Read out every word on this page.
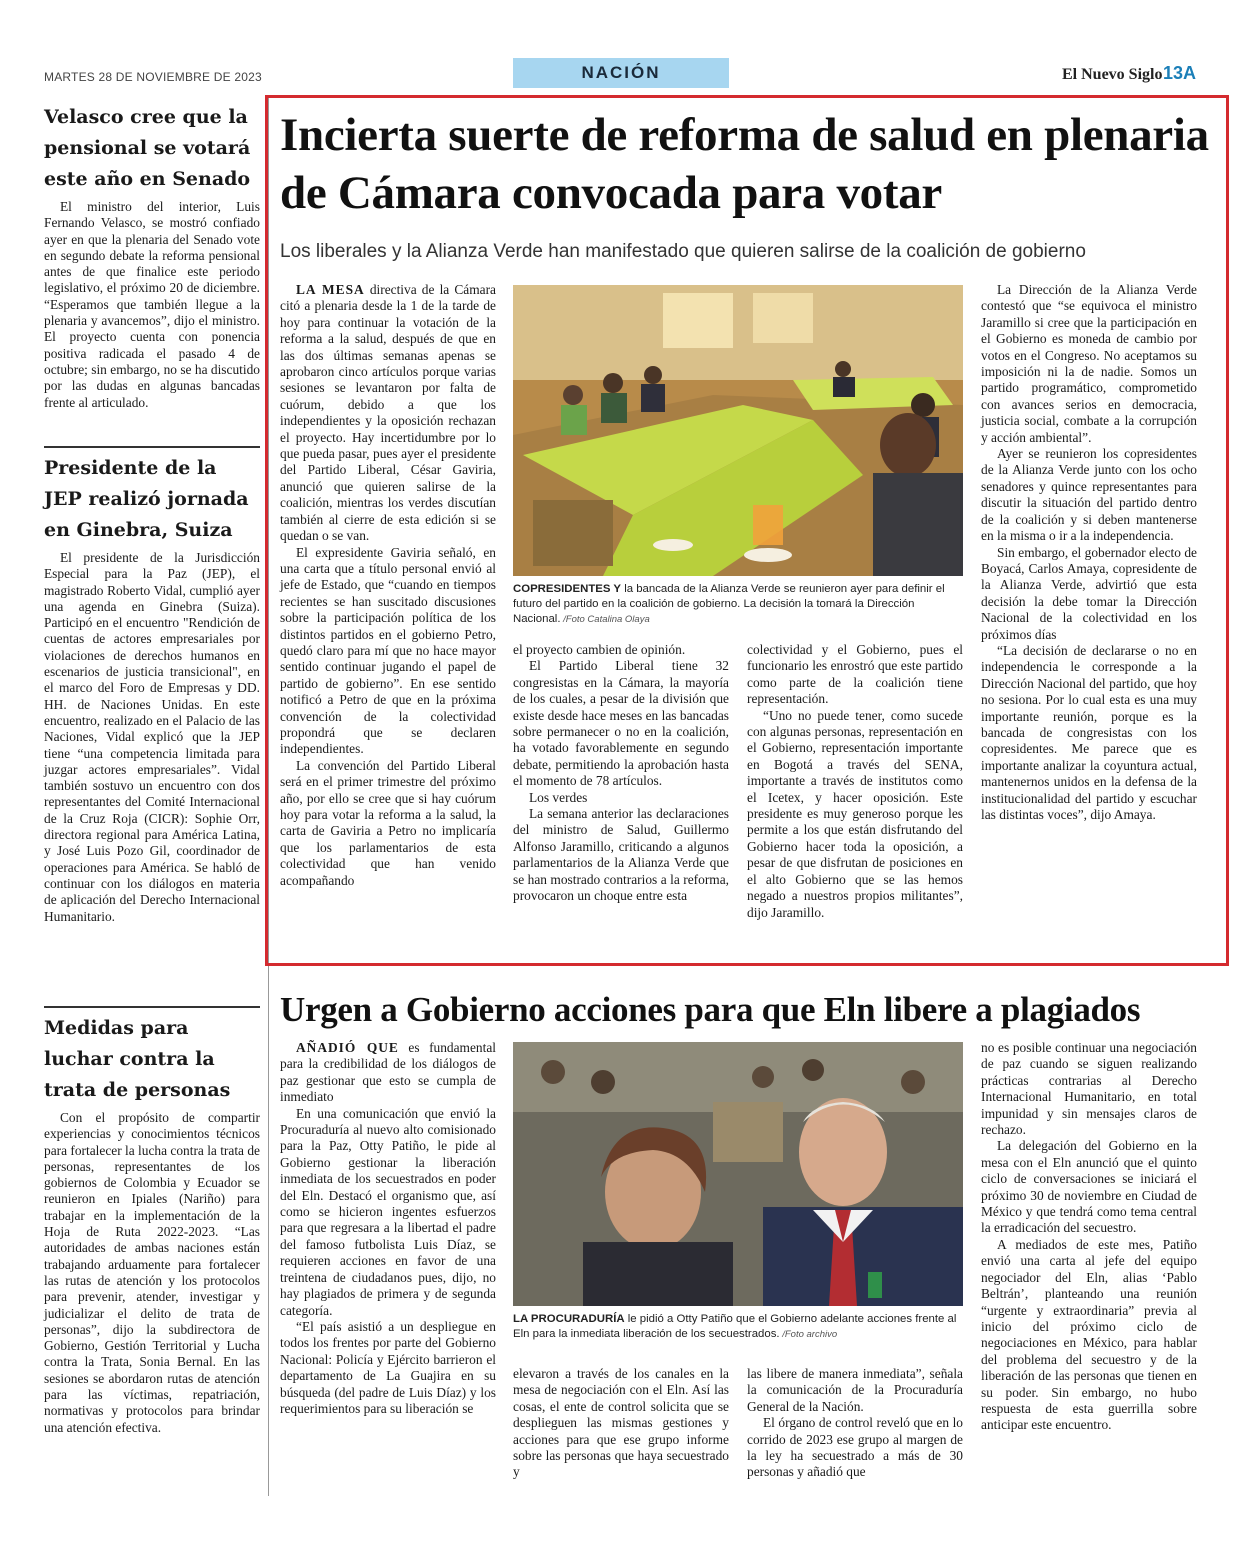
MARTES 28 DE NOVIEMBRE DE 2023	NACIÓN	El Nuevo Siglo 13A
Velasco cree que la pensional se votará este año en Senado
El ministro del interior, Luis Fernando Velasco, se mostró confiado ayer en que la plenaria del Senado vote en segundo debate la reforma pensional antes de que finalice este periodo legislativo, el próximo 20 de diciembre. “Esperamos que también llegue a la plenaria y avancemos”, dijo el ministro. El proyecto cuenta con ponencia positiva radicada el pasado 4 de octubre; sin embargo, no se ha discutido por las dudas en algunas bancadas frente al articulado.
Presidente de la JEP realizó jornada en Ginebra, Suiza
El presidente de la Jurisdicción Especial para la Paz (JEP), el magistrado Roberto Vidal, cumplió ayer una agenda en Ginebra (Suiza). Participó en el encuentro "Rendición de cuentas de actores empresariales por violaciones de derechos humanos en escenarios de justicia transicional", en el marco del Foro de Empresas y DD. HH. de Naciones Unidas. En este encuentro, realizado en el Palacio de las Naciones, Vidal explicó que la JEP tiene “una competencia limitada para juzgar actores empresariales”. Vidal también sostuvo un encuentro con dos representantes del Comité Internacional de la Cruz Roja (CICR): Sophie Orr, directora regional para América Latina, y José Luis Pozo Gil, coordinador de operaciones para América. Se habló de continuar con los diálogos en materia de aplicación del Derecho Internacional Humanitario.
Medidas para luchar contra la trata de personas
Con el propósito de compartir experiencias y conocimientos técnicos para fortalecer la lucha contra la trata de personas, representantes de los gobiernos de Colombia y Ecuador se reunieron en Ipiales (Nariño) para trabajar en la implementación de la Hoja de Ruta 2022-2023. “Las autoridades de ambas naciones están trabajando arduamente para fortalecer las rutas de atención y los protocolos para prevenir, atender, investigar y judicializar el delito de trata de personas”, dijo la subdirectora de Gobierno, Gestión Territorial y Lucha contra la Trata, Sonia Bernal. En las sesiones se abordaron rutas de atención para las víctimas, repatriación, normativas y protocolos para brindar una atención efectiva.
Incierta suerte de reforma de salud en plenaria de Cámara convocada para votar
Los liberales y la Alianza Verde han manifestado que quieren salirse de la coalición de gobierno

LA MESA directiva de la Cámara citó a plenaria desde la 1 de la tarde de hoy para continuar la votación de la reforma a la salud, después de que en las dos últimas semanas apenas se aprobaron cinco artículos porque varias sesiones se levantaron por falta de cuórum, debido a que los independientes y la oposición rechazan el proyecto. Hay incertidumbre por lo que pueda pasar, pues ayer el presidente del Partido Liberal, César Gaviria, anunció que quieren salirse de la coalición, mientras los verdes discutían también al cierre de esta edición si se quedan o se van.

El expresidente Gaviria señaló, en una carta que a título personal envió al jefe de Estado, que “cuando en tiempos recientes se han suscitado discusiones sobre la participación política de los distintos partidos en el gobierno Petro, quedó claro para mí que no hace mayor sentido continuar jugando el papel de partido de gobierno”. En ese sentido notificó a Petro de que en la próxima convención de la colectividad propondrá que se declaren independientes.

La convención del Partido Liberal será en el primer trimestre del próximo año, por ello se cree que si hay cuórum hoy para votar la reforma a la salud, la carta de Gaviria a Petro no implicaría que los parlamentarios de esta colectividad que han venido acompañando

COPRESIDENTES Y la bancada de la Alianza Verde se reunieron ayer para definir el futuro del partido en la coalición de gobierno. La decisión la tomará la Dirección Nacional. /Foto Catalina Olaya

el proyecto cambien de opinión.

El Partido Liberal tiene 32 congresistas en la Cámara, la mayoría de los cuales, a pesar de la división que existe desde hace meses en las bancadas sobre permanecer o no en la coalición, ha votado favorablemente en segundo debate, permitiendo la aprobación hasta el momento de 78 artículos.

Los verdes

La semana anterior las declaraciones del ministro de Salud, Guillermo Alfonso Jaramillo, criticando a algunos parlamentarios de la Alianza Verde que se han mostrado contrarios a la reforma, provocaron un choque entre esta

colectividad y el Gobierno, pues el funcionario les enrostró que este partido como parte de la coalición tiene representación.

“Uno no puede tener, como sucede con algunas personas, representación en el Gobierno, representación importante en Bogotá a través del SENA, importante a través de institutos como el Icetex, y hacer oposición. Este presidente es muy generoso porque les permite a los que están disfrutando del Gobierno hacer toda la oposición, a pesar de que disfrutan de posiciones en el alto Gobierno que se las hemos negado a nuestros propios militantes”, dijo Jaramillo.

La Dirección de la Alianza Verde contestó que “se equivoca el ministro Jaramillo si cree que la participación en el Gobierno es moneda de cambio por votos en el Congreso. No aceptamos su imposición ni la de nadie. Somos un partido programático, comprometido con avances serios en democracia, justicia social, combate a la corrupción y acción ambiental”.

Ayer se reunieron los copresidentes de la Alianza Verde junto con los ocho senadores y quince representantes para discutir la situación del partido dentro de la coalición y si deben mantenerse en la misma o ir a la independencia.

Sin embargo, el gobernador electo de Boyacá, Carlos Amaya, copresidente de la Alianza Verde, advirtió que esta decisión la debe tomar la Dirección Nacional de la colectividad en los próximos días

“La decisión de declararse o no en independencia le corresponde a la Dirección Nacional del partido, que hoy no sesiona. Por lo cual esta es una muy importante reunión, porque es la bancada de congresistas con los copresidentes. Me parece que es importante analizar la coyuntura actual, mantenernos unidos en la defensa de la institucionalidad del partido y escuchar las distintas voces”, dijo Amaya.

Urgen a Gobierno acciones para que Eln libere a plagiados

AÑADIÓ QUE es fundamental para la credibilidad de los diálogos de paz gestionar que esto se cumpla de inmediato

En una comunicación que envió la Procuraduría al nuevo alto comisionado para la Paz, Otty Patiño, le pide al Gobierno gestionar la liberación inmediata de los secuestrados en poder del Eln. Destacó el organismo que, así como se hicieron ingentes esfuerzos para que regresara a la libertad el padre del famoso futbolista Luis Díaz, se requieren acciones en favor de una treintena de ciudadanos pues, dijo, no hay plagiados de primera y de segunda categoría.

“El país asistió a un despliegue en todos los frentes por parte del Gobierno Nacional: Policía y Ejército barrieron el departamento de La Guajira en su búsqueda (del padre de Luis Díaz) y los requerimientos para su liberación se

LA PROCURADURÍA le pidió a Otty Patiño que el Gobierno adelante acciones frente al Eln para la inmediata liberación de los secuestrados. /Foto archivo

elevaron a través de los canales en la mesa de negociación con el Eln. Así las cosas, el ente de control solicita que se desplieguen las mismas gestiones y acciones para que ese grupo informe sobre las personas que haya secuestrado y

las libere de manera inmediata”, señala la comunicación de la Procuraduría General de la Nación.

El órgano de control reveló que en lo corrido de 2023 ese grupo al margen de la ley ha secuestrado a más de 30 personas y añadió que

no es posible continuar una negociación de paz cuando se siguen realizando prácticas contrarias al Derecho Internacional Humanitario, en total impunidad y sin mensajes claros de rechazo.

La delegación del Gobierno en la mesa con el Eln anunció que el quinto ciclo de conversaciones se iniciará el próximo 30 de noviembre en Ciudad de México y que tendrá como tema central la erradicación del secuestro.

A mediados de este mes, Patiño envió una carta al jefe del equipo negociador del Eln, alias ‘Pablo Beltrán’, planteando una reunión “urgente y extraordinaria” previa al inicio del próximo ciclo de negociaciones en México, para hablar del problema del secuestro y de la liberación de las personas que tienen en su poder. Sin embargo, no hubo respuesta de esta guerrilla sobre anticipar este encuentro.
